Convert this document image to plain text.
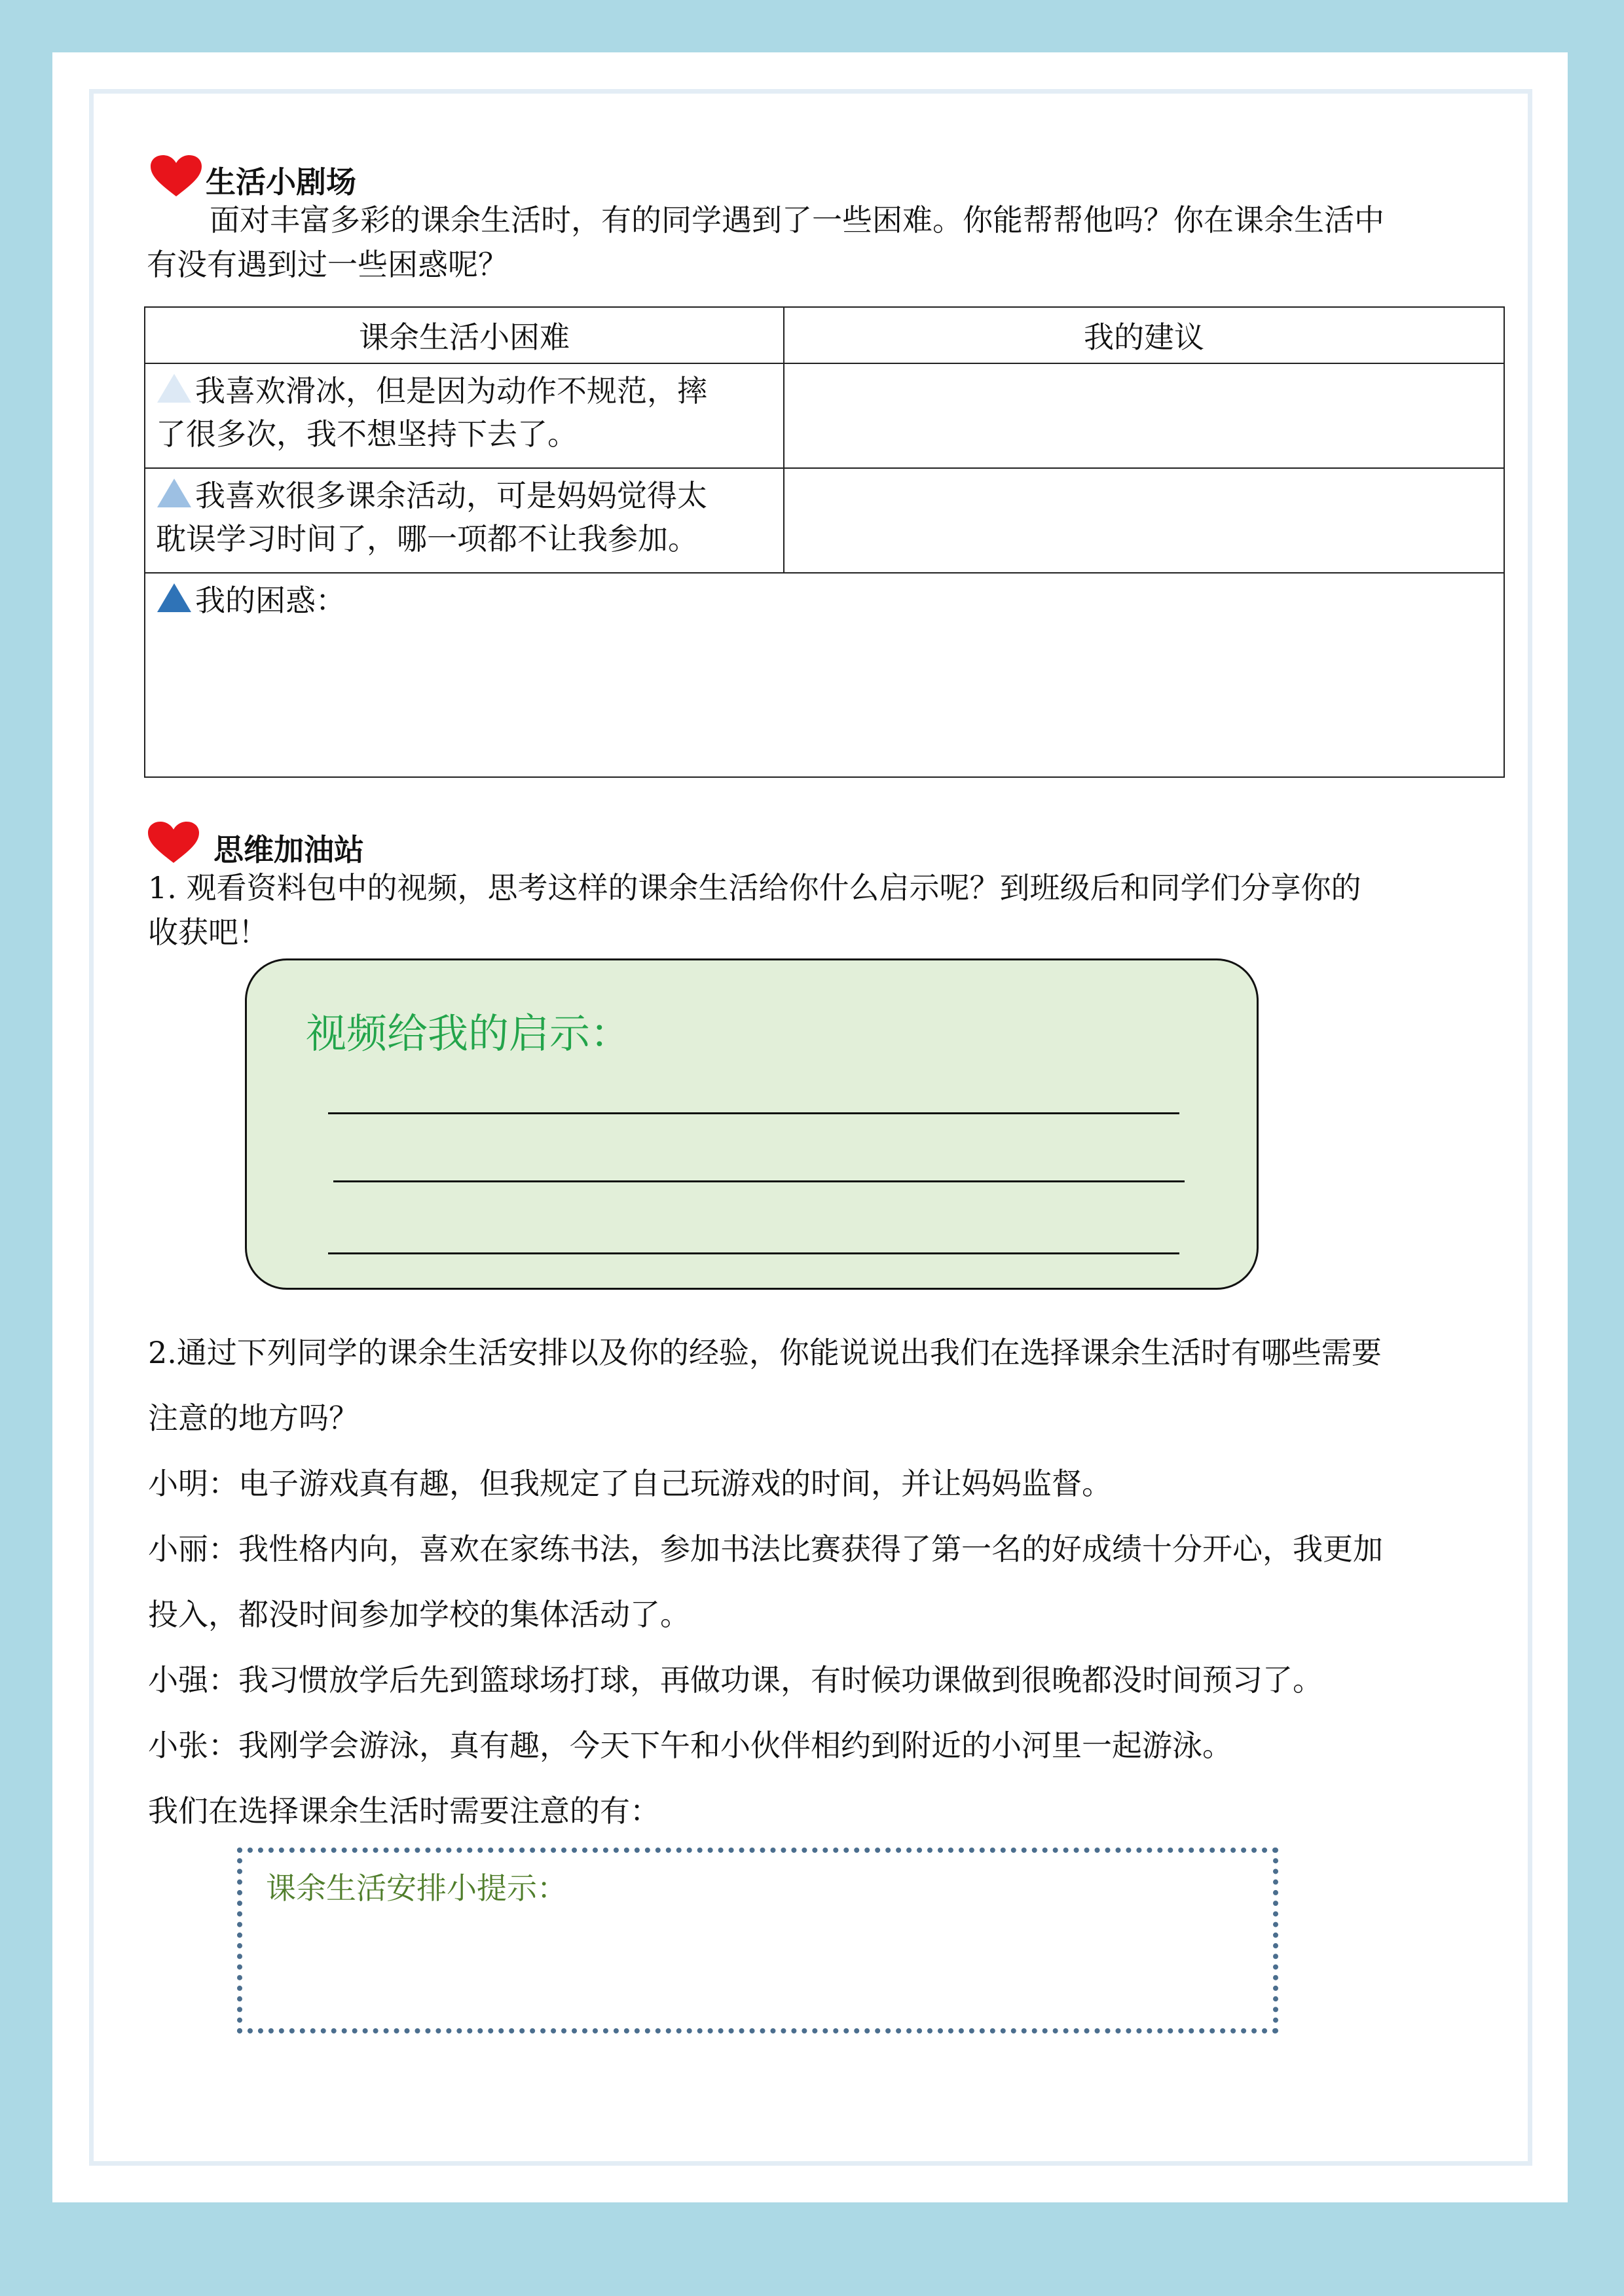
生活小剧场
面对丰富多彩的课余生活时，有的同学遇到了一些困难。你能帮帮他吗？你在课余生活中
有没有遇到过一些困惑呢？
课余生活小困难	我的建议
我喜欢滑冰，但是因为动作不规范，摔
了很多次，我不想坚持下去了。	
我喜欢很多课余活动，可是妈妈觉得太
耽误学习时间了，哪一项都不让我参加。	
我的困惑：	
思维加油站
1. 观看资料包中的视频，思考这样的课余生活给你什么启示呢？到班级后和同学们分享你的
收获吧！
视频给我的启示：
2.通过下列同学的课余生活安排以及你的经验，你能说说出我们在选择课余生活时有哪些需要
注意的地方吗？
小明：电子游戏真有趣，但我规定了自己玩游戏的时间，并让妈妈监督。
小丽：我性格内向，喜欢在家练书法，参加书法比赛获得了第一名的好成绩十分开心，我更加
投入，都没时间参加学校的集体活动了。
小强：我习惯放学后先到篮球场打球，再做功课，有时候功课做到很晚都没时间预习了。
小张：我刚学会游泳，真有趣，今天下午和小伙伴相约到附近的小河里一起游泳。
我们在选择课余生活时需要注意的有：
课余生活安排小提示：
